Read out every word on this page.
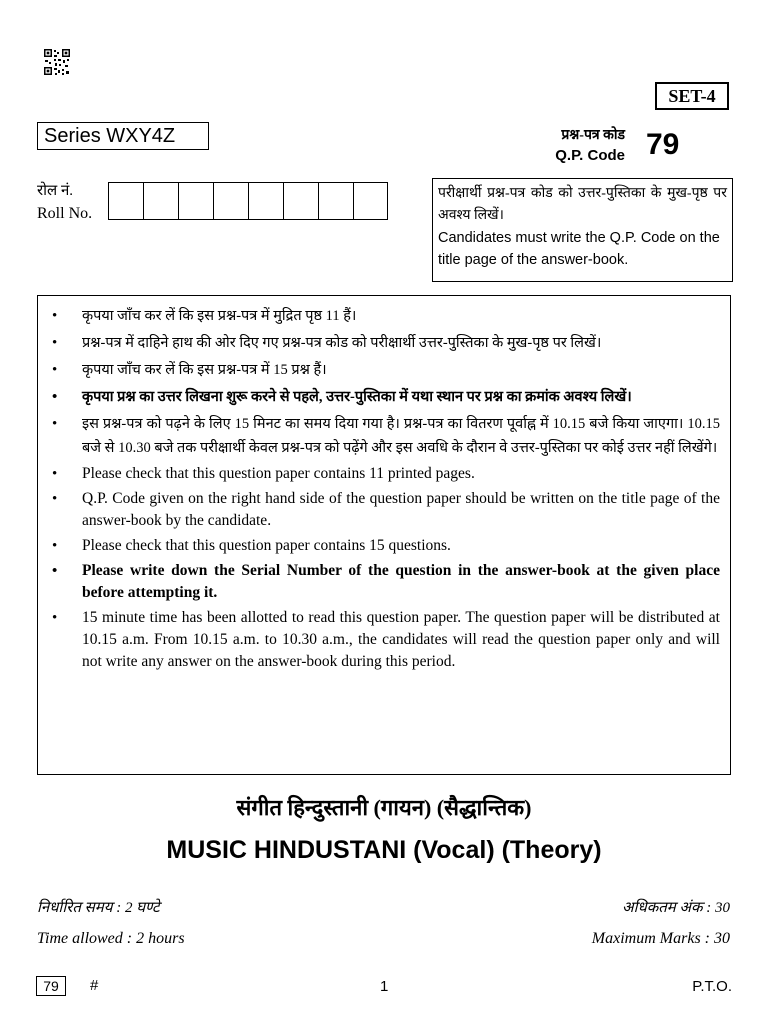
SET-4
Series WXY4Z	प्रश्न-पत्र कोड
Q.P. Code 79
रोल नं.
Roll No.
परीक्षार्थी प्रश्न-पत्र कोड को उत्तर-पुस्तिका के मुख-पृष्ठ पर अवश्य लिखें।
Candidates must write the Q.P. Code on the title page of the answer-book.
• कृपया जाँच कर लें कि इस प्रश्न-पत्र में मुद्रित पृष्ठ 11 हैं।
• प्रश्न-पत्र में दाहिने हाथ की ओर दिए गए प्रश्न-पत्र कोड को परीक्षार्थी उत्तर-पुस्तिका के मुख-पृष्ठ पर लिखें।
• कृपया जाँच कर लें कि इस प्रश्न-पत्र में 15 प्रश्न हैं।
• कृपया प्रश्न का उत्तर लिखना शुरू करने से पहले, उत्तर-पुस्तिका में यथा स्थान पर प्रश्न का क्रमांक अवश्य लिखें।
• इस प्रश्न-पत्र को पढ़ने के लिए 15 मिनट का समय दिया गया है। प्रश्न-पत्र का वितरण पूर्वाह्न में 10.15 बजे किया जाएगा। 10.15 बजे से 10.30 बजे तक परीक्षार्थी केवल प्रश्न-पत्र को पढ़ेंगे और इस अवधि के दौरान वे उत्तर-पुस्तिका पर कोई उत्तर नहीं लिखेंगे।
• Please check that this question paper contains 11 printed pages.
• Q.P. Code given on the right hand side of the question paper should be written on the title page of the answer-book by the candidate.
• Please check that this question paper contains 15 questions.
• Please write down the Serial Number of the question in the answer-book at the given place before attempting it.
• 15 minute time has been allotted to read this question paper. The question paper will be distributed at 10.15 a.m. From 10.15 a.m. to 10.30 a.m., the candidates will read the question paper only and will not write any answer on the answer-book during this period.
संगीत हिन्दुस्तानी (गायन) (सैद्धान्तिक)
MUSIC HINDUSTANI (Vocal) (Theory)
निर्धारित समय : 2 घण्टे
Time allowed : 2 hours
अधिकतम अंक : 30
Maximum Marks : 30
79	#	1	P.T.O.
